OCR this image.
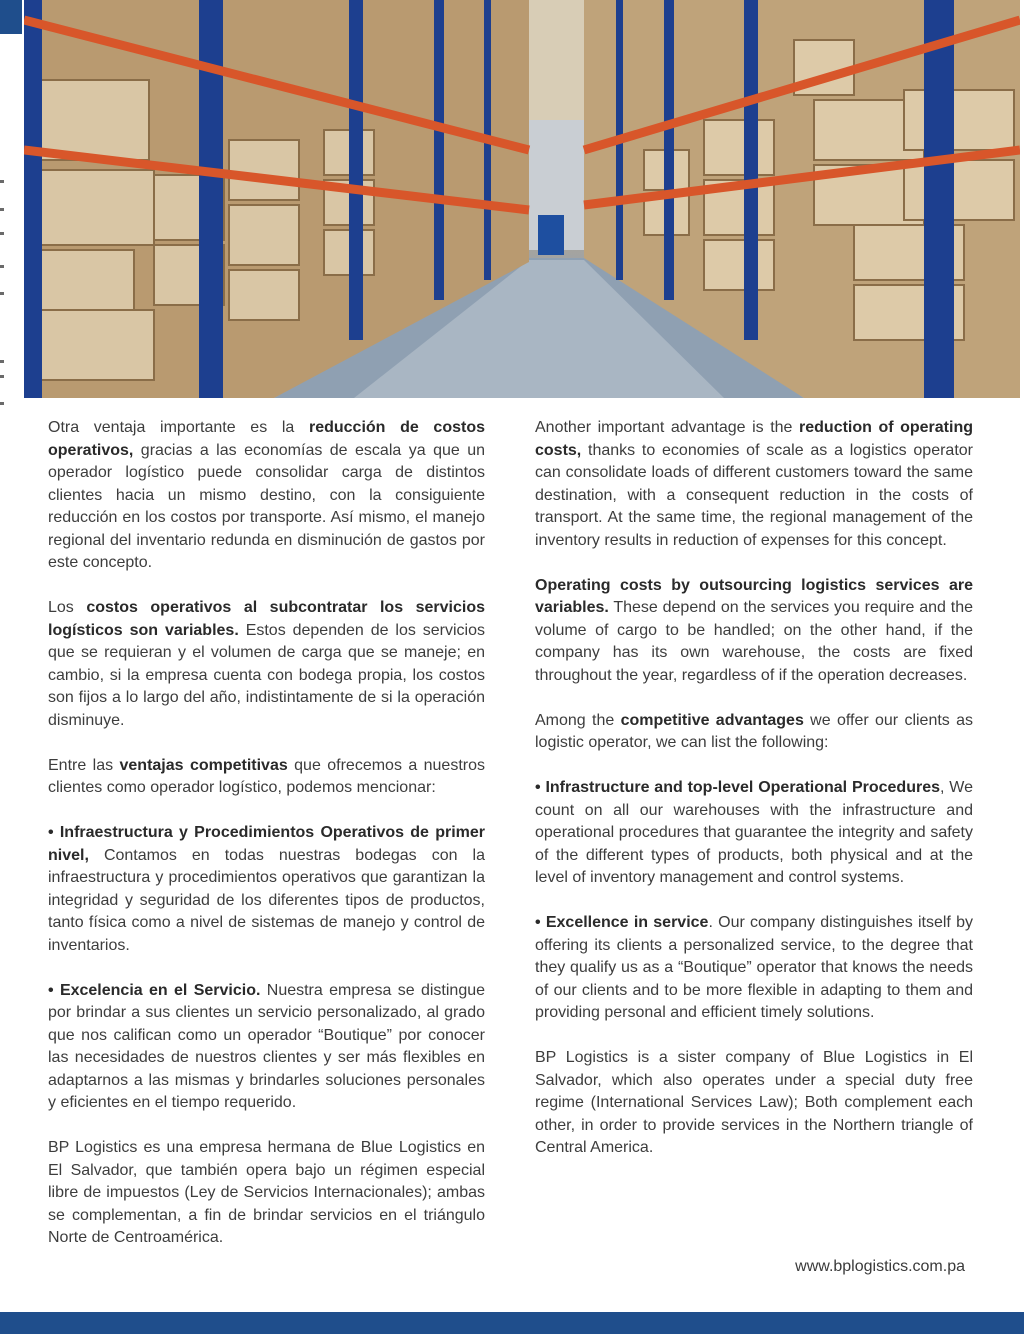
Otra ventaja importante es la reducción de costos operativos, gracias a las economías de escala ya que un operador logístico puede consolidar carga de distintos clientes hacia un mismo destino, con la consiguiente reducción en los costos por transporte. Así mismo, el manejo regional del inventario redunda en disminución de gastos por este concepto.

Los costos operativos al subcontratar los servicios logísticos son variables. Estos dependen de los servicios que se requieran y el volumen de carga que se maneje; en cambio, si la empresa cuenta con bodega propia, los costos son fijos a lo largo del año, indistintamente de si la operación disminuye.

Entre las ventajas competitivas que ofrecemos a nuestros clientes como operador logístico, podemos mencionar:

• Infraestructura y Procedimientos Operativos de primer nivel, Contamos en todas nuestras bodegas con la infraestructura y procedimientos operativos que garantizan la integridad y seguridad de los diferentes tipos de productos, tanto física como a nivel de sistemas de manejo y control de inventarios.

• Excelencia en el Servicio. Nuestra empresa se distingue por brindar a sus clientes un servicio personalizado, al grado que nos califican como un operador “Boutique” por conocer las necesidades de nuestros clientes y ser más flexibles en adaptarnos a las mismas y brindarles soluciones personales y eficientes en el tiempo requerido.

BP Logistics es una empresa hermana de Blue Logistics en El Salvador, que también opera bajo un régimen especial libre de impuestos (Ley de Servicios Internacionales); ambas se complementan, a fin de brindar servicios en el triángulo Norte de Centroamérica.

Another important advantage is the reduction of operating costs, thanks to economies of scale as a logistics operator can consolidate loads of different customers toward the same destination, with a consequent reduction in the costs of transport. At the same time, the regional management of the inventory results in reduction of expenses for this concept.

Operating costs by outsourcing logistics services are variables. These depend on the services you require and the volume of cargo to be handled; on the other hand, if the company has its own warehouse, the costs are fixed throughout the year, regardless of if the operation decreases.

Among the competitive advantages we offer our clients as logistic operator, we can list the following:

• Infrastructure and top-level Operational Procedures, We count on all our warehouses with the infrastructure and operational procedures that guarantee the integrity and safety of the different types of products, both physical and at the level of inventory management and control systems.

• Excellence in service. Our company distinguishes itself by offering its clients a personalized service, to the degree that they qualify us as a “Boutique” operator that knows the needs of our clients and to be more flexible in adapting to them and providing personal and efficient timely solutions.

BP Logistics is a sister company of Blue Logistics in El Salvador, which also operates under a special duty free regime (International Services Law); Both complement each other, in order to provide services in the Northern triangle of Central America.

www.bplogistics.com.pa
